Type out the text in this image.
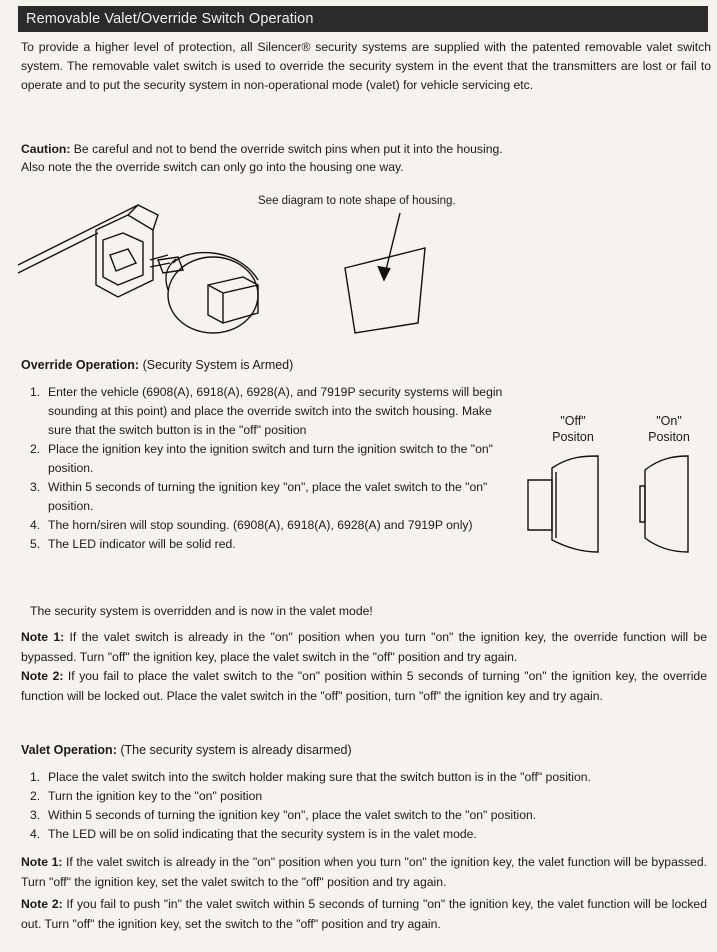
Removable Valet/Override Switch Operation
To provide a higher level of protection, all Silencer® security systems are supplied with the patented removable valet switch system. The removable valet switch is used to override the security system in the event that the transmitters are lost or fail to operate and to put the security system in non-operational mode (valet) for vehicle servicing etc.
Caution: Be careful and not to bend the override switch pins when put it into the housing. Also note the the override switch can only go into the housing one way.
See diagram to note shape of housing.
Override Operation: (Security System is Armed)
1. Enter the vehicle (6908(A), 6918(A), 6928(A), and 7919P security systems will begin sounding at this point) and place the override switch into the switch housing. Make sure that the switch button is in the "off" position
2. Place the ignition key into the ignition switch and turn the ignition switch to the "on" position.
3. Within 5 seconds of turning the ignition key "on", place the valet switch to the "on" position.
4. The horn/siren will stop sounding. (6908(A), 6918(A), 6928(A) and 7919P only)
5. The LED indicator will be solid red.
"Off"
Positon
"On"
Positon
The security system is overridden and is now in the valet mode!
Note 1: If the valet switch is already in the "on" position when you turn "on" the ignition key, the override function will be bypassed. Turn "off" the ignition key, place the valet switch in the "off" position and try again.
Note 2: If you fail to place the valet switch to the "on" position within 5 seconds of turning "on" the ignition key, the override function will be locked out. Place the valet switch in the "off" position, turn "off" the ignition key and try again.
Valet Operation: (The security system is already disarmed)
1. Place the valet switch into the switch holder making sure that the switch button is in the "off" position.
2. Turn the ignition key to the "on" position
3. Within 5 seconds of turning the ignition key "on", place the valet switch to the "on" position.
4. The LED will be on solid indicating that the security system is in the valet mode.
Note 1: If the valet switch is already in the "on" position when you turn "on" the ignition key, the valet function will be bypassed. Turn "off" the ignition key, set the valet switch to the "off" position and try again.
Note 2: If you fail to push "in" the valet switch within 5 seconds of turning "on" the ignition key, the valet function will be locked out. Turn "off" the ignition key, set the switch to the "off" position and try again.
